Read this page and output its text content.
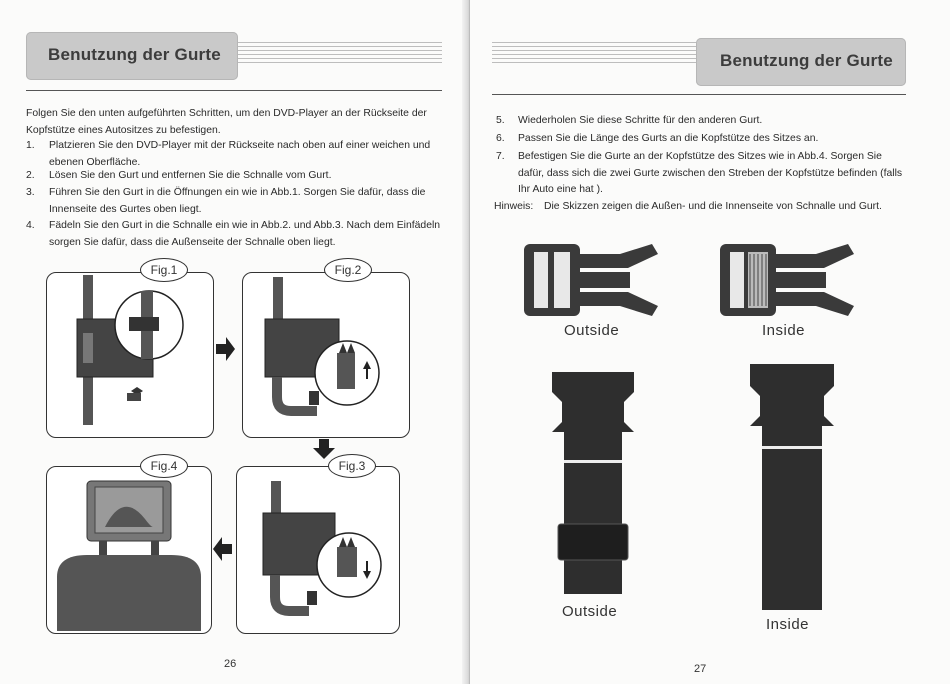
Benutzung der Gurte
Folgen Sie den unten aufgeführten Schritten, um den DVD-Player an der Rückseite der Kopfstütze eines Autositzes zu befestigen.
1. Platzieren Sie den DVD-Player mit der Rückseite nach oben auf einer weichen und ebenen Oberfläche.
2. Lösen Sie den Gurt und entfernen Sie die Schnalle vom Gurt.
3. Führen Sie den Gurt in die Öffnungen ein wie in Abb.1. Sorgen Sie dafür, dass die Innenseite des Gurtes oben liegt.
4. Fädeln Sie den Gurt in die Schnalle ein wie in Abb.2. und Abb.3. Nach dem Einfädeln sorgen Sie dafür, dass die Außenseite der Schnalle oben liegt.
Fig.1	Fig.2
Fig.4	Fig.3
26
Benutzung der Gurte
5. Wiederholen Sie diese Schritte für den anderen Gurt.
6. Passen Sie die Länge des Gurts an die Kopfstütze des Sitzes an.
7. Befestigen Sie die Gurte an der Kopfstütze des Sitzes wie in Abb.4. Sorgen Sie dafür, dass sich die zwei Gurte zwischen den Streben der Kopfstütze befinden (falls Ihr Auto eine hat ).
Hinweis: Die Skizzen zeigen die Außen- und die Innenseite von Schnalle und Gurt.
Outside	Inside
Outside
Inside
27
